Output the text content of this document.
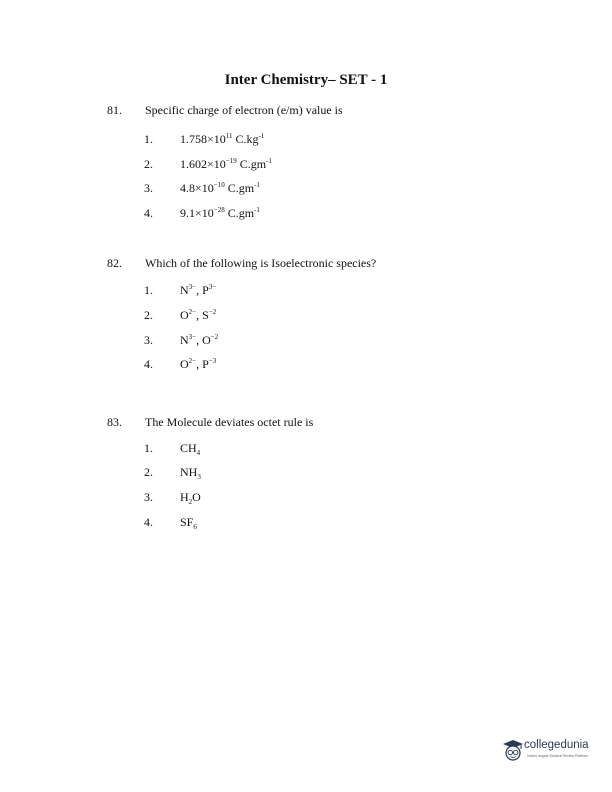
Inter Chemistry– SET - 1
81. Specific charge of electron (e/m) value is
1. $1.758\times 10^{11}$ $C.kg^{-1}$
2. $1.602\times 10^{-19}$ $C.gm^{-1}$
3. $4.8\times 10^{-10}$ $C.gm^{-1}$
4. $9.1\times 10^{-28}$ $C.gm^{-1}$
82. Which of the following is Isoelectronic species?
1. $N^{3-}$, $P^{3-}$
2. $O^{2-}$, $S^{-2}$
3. $N^{3-}$, $O^{-2}$
4. $O^{2-}$, $P^{-3}$
83. The Molecule deviates octet rule is
1. $CH_4$
2. $NH_3$
3. $H_2O$
4. $SF_6$
collegedunia
India's largest Student Review Platform
